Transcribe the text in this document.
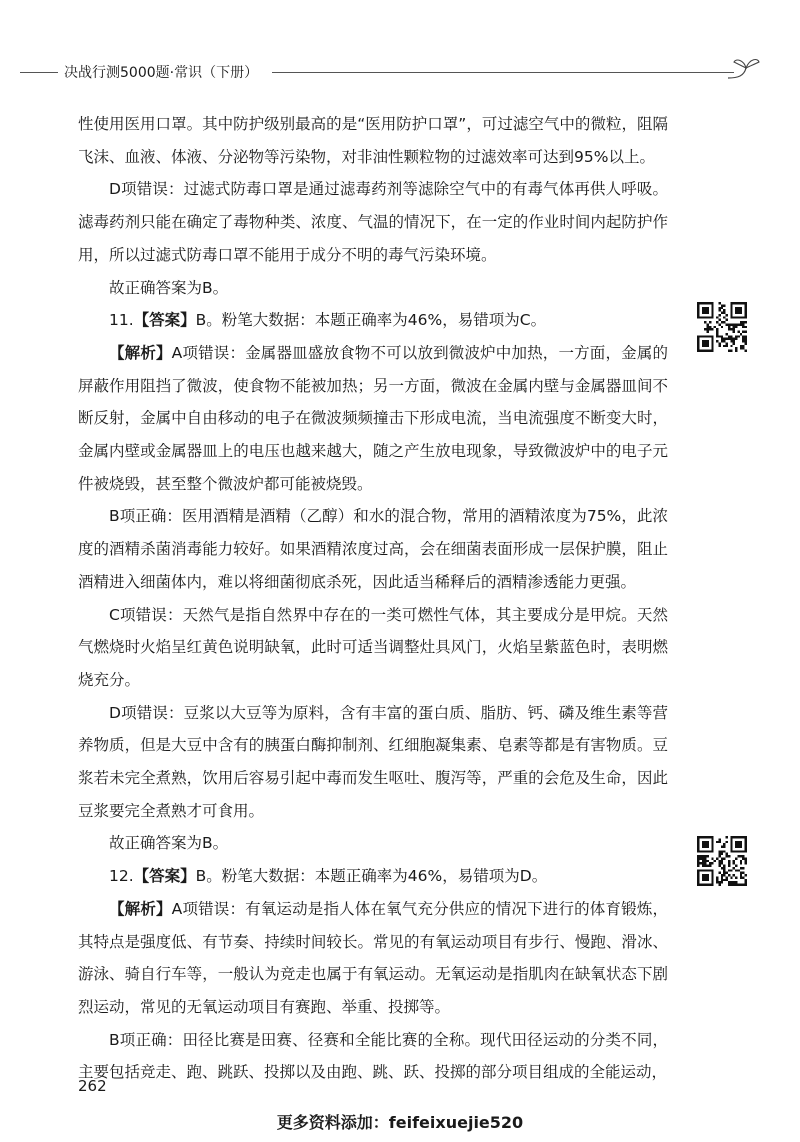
决战行测5000题·常识（下册）

性使用医用口罩。其中防护级别最高的是“医用防护口罩”，可过滤空气中的微粒，阻隔飞沫、血液、体液、分泌物等污染物，对非油性颗粒物的过滤效率可达到95%以上。

D项错误：过滤式防毒口罩是通过滤毒药剂等滤除空气中的有毒气体再供人呼吸。滤毒药剂只能在确定了毒物种类、浓度、气温的情况下，在一定的作业时间内起防护作用，所以过滤式防毒口罩不能用于成分不明的毒气污染环境。

故正确答案为B。

11.【答案】B。粉笔大数据：本题正确率为46%，易错项为C。

【解析】A项错误：金属器皿盛放食物不可以放到微波炉中加热，一方面，金属的屏蔽作用阻挡了微波，使食物不能被加热；另一方面，微波在金属内壁与金属器皿间不断反射，金属中自由移动的电子在微波频频撞击下形成电流，当电流强度不断变大时，金属内壁或金属器皿上的电压也越来越大，随之产生放电现象，导致微波炉中的电子元件被烧毁，甚至整个微波炉都可能被烧毁。

B项正确：医用酒精是酒精（乙醇）和水的混合物，常用的酒精浓度为75%，此浓度的酒精杀菌消毒能力较好。如果酒精浓度过高，会在细菌表面形成一层保护膜，阻止酒精进入细菌体内，难以将细菌彻底杀死，因此适当稀释后的酒精渗透能力更强。

C项错误：天然气是指自然界中存在的一类可燃性气体，其主要成分是甲烷。天然气燃烧时火焰呈红黄色说明缺氧，此时可适当调整灶具风门，火焰呈紫蓝色时，表明燃烧充分。

D项错误：豆浆以大豆等为原料，含有丰富的蛋白质、脂肪、钙、磷及维生素等营养物质，但是大豆中含有的胰蛋白酶抑制剂、红细胞凝集素、皂素等都是有害物质。豆浆若未完全煮熟，饮用后容易引起中毒而发生呕吐、腹泻等，严重的会危及生命，因此豆浆要完全煮熟才可食用。

故正确答案为B。

12.【答案】B。粉笔大数据：本题正确率为46%，易错项为D。

【解析】A项错误：有氧运动是指人体在氧气充分供应的情况下进行的体育锻炼，其特点是强度低、有节奏、持续时间较长。常见的有氧运动项目有步行、慢跑、滑冰、游泳、骑自行车等，一般认为竞走也属于有氧运动。无氧运动是指肌肉在缺氧状态下剧烈运动，常见的无氧运动项目有赛跑、举重、投掷等。

B项正确：田径比赛是田赛、径赛和全能比赛的全称。现代田径运动的分类不同，主要包括竞走、跑、跳跃、投掷以及由跑、跳、跃、投掷的部分项目组成的全能运动，

262
更多资料添加：feifeixuejie520
